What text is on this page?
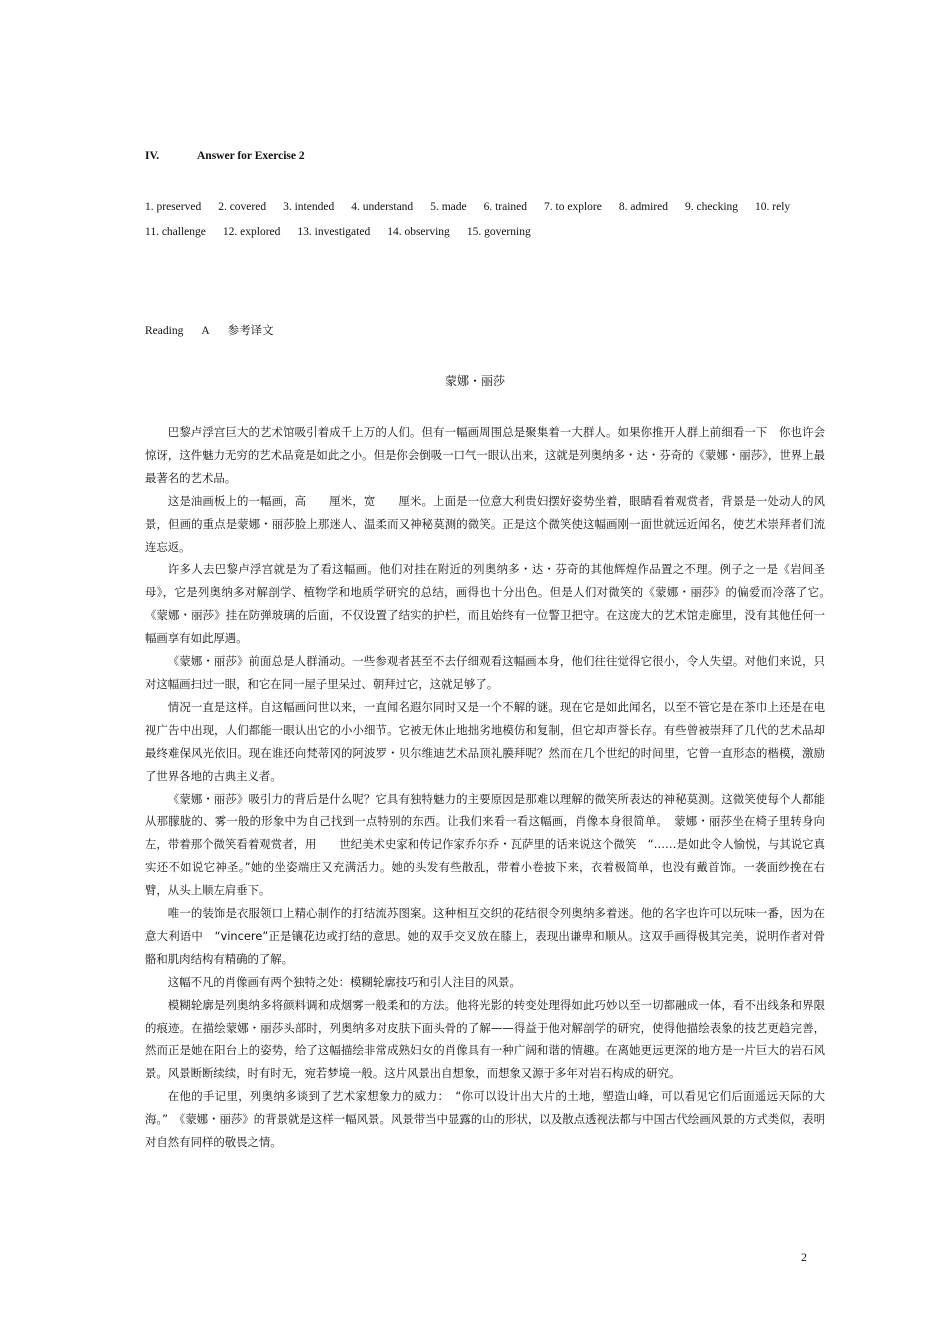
IV.	Answer for Exercise 2
1. preserved 2. covered 3. intended 4. understand 5. made 6. trained 7. to explore 8. admired 9. checking 10. rely
11. challenge 12. explored 13. investigated 14. observing 15. governing
Reading A 参考译文
蒙娜・丽莎

巴黎卢浮宫巨大的艺术馆吸引着成千上万的人们。但有一幅画周围总是聚集着一大群人。如果你推开人群上前细看一下　你也许会惊讶，这件魅力无穷的艺术品竟是如此之小。但是你会倒吸一口气一眼认出来，这就是列奥纳多・达・芬奇的《蒙娜・丽莎》，世界上最最著名的艺术品。

这是油画板上的一幅画，高　　厘米，宽　　厘米。上面是一位意大利贵妇摆好姿势坐着，眼睛看着观赏者，背景是一处动人的风景，但画的重点是蒙娜・丽莎脸上那迷人、温柔而又神秘莫测的微笑。正是这个微笑使这幅画刚一面世就远近闻名，使艺术崇拜者们流连忘返。

许多人去巴黎卢浮宫就是为了看这幅画。他们对挂在附近的列奥纳多・达・芬奇的其他辉煌作品置之不理。例子之一是《岩间圣母》，它是列奥纳多对解剖学、植物学和地质学研究的总结，画得也十分出色。但是人们对微笑的《蒙娜・丽莎》的偏爱而冷落了它。　《蒙娜・丽莎》挂在防弹玻璃的后面，不仅设置了结实的护栏，而且始终有一位警卫把守。在这庞大的艺术馆走廊里，没有其他任何一幅画享有如此厚遇。

《蒙娜・丽莎》前面总是人群涌动。一些参观者甚至不去仔细观看这幅画本身，他们往往觉得它很小，令人失望。对他们来说，只对这幅画扫过一眼，和它在同一屋子里呆过、朝拜过它，这就足够了。

情况一直是这样。自这幅画问世以来，一直闻名遐尔同时又是一个不解的谜。现在它是如此闻名，以至不管它是在茶巾上还是在电视广告中出现，人们都能一眼认出它的小小细节。它被无休止地拙劣地模仿和复制，但它却声誉长存。有些曾被崇拜了几代的艺术品却最终难保风光依旧。现在谁还向梵蒂冈的阿波罗・贝尔维迪艺术品顶礼膜拜呢？然而在几个世纪的时间里，它曾一直形态的楷模，激励了世界各地的古典主义者。

《蒙娜・丽莎》吸引力的背后是什么呢？它具有独特魅力的主要原因是那难以理解的微笑所表达的神秘莫测。这微笑使每个人都能从那朦胧的、雾一般的形象中为自己找到一点特别的东西。让我们来看一看这幅画，肖像本身很简单。　蒙娜・丽莎坐在椅子里转身向左，带着那个微笑看着观赏者，用　　世纪美术史家和传记作家乔尔乔・瓦萨里的话来说这个微笑　“……是如此令人愉悦，与其说它真实还不如说它神圣。”她的坐姿端庄又充满活力。她的头发有些散乱，带着小卷披下来，衣着极简单，也没有戴首饰。一袭面纱挽在右臂，从头上顺左肩垂下。

唯一的装饰是衣服领口上精心制作的打结流苏图案。这种相互交织的花结很令列奥纳多着迷。他的名字也许可以玩味一番，因为在意大利语中　“vincere”正是镶花边或打结的意思。她的双手交叉放在膝上，表现出谦卑和顺从。这双手画得极其完美，说明作者对骨骼和肌肉结构有精确的了解。

这幅不凡的肖像画有两个独特之处：模糊轮廓技巧和引人注目的风景。

模糊轮廓是列奥纳多将颜料调和成烟雾一般柔和的方法。他将光影的转变处理得如此巧妙以至一切都融成一体，看不出线条和界限的痕迹。在描绘蒙娜・丽莎头部时，列奥纳多对皮肤下面头骨的了解——得益于他对解剖学的研究，使得他描绘表象的技艺更趋完善，然而正是她在阳台上的姿势，给了这幅描绘非常成熟妇女的肖像具有一种广阔和谐的情趣。在离她更远更深的地方是一片巨大的岩石风景。风景断断续续，时有时无，宛若梦境一般。这片风景出自想象，而想象又源于多年对岩石构成的研究。

在他的手记里，列奥纳多谈到了艺术家想象力的威力：　“你可以设计出大片的土地，塑造山峰，可以看见它们后面遥远天际的大海。”　《蒙娜・丽莎》的背景就是这样一幅风景。风景带当中显露的山的形状，以及散点透视法都与中国古代绘画风景的方式类似，表明对自然有同样的敬畏之情。

2
